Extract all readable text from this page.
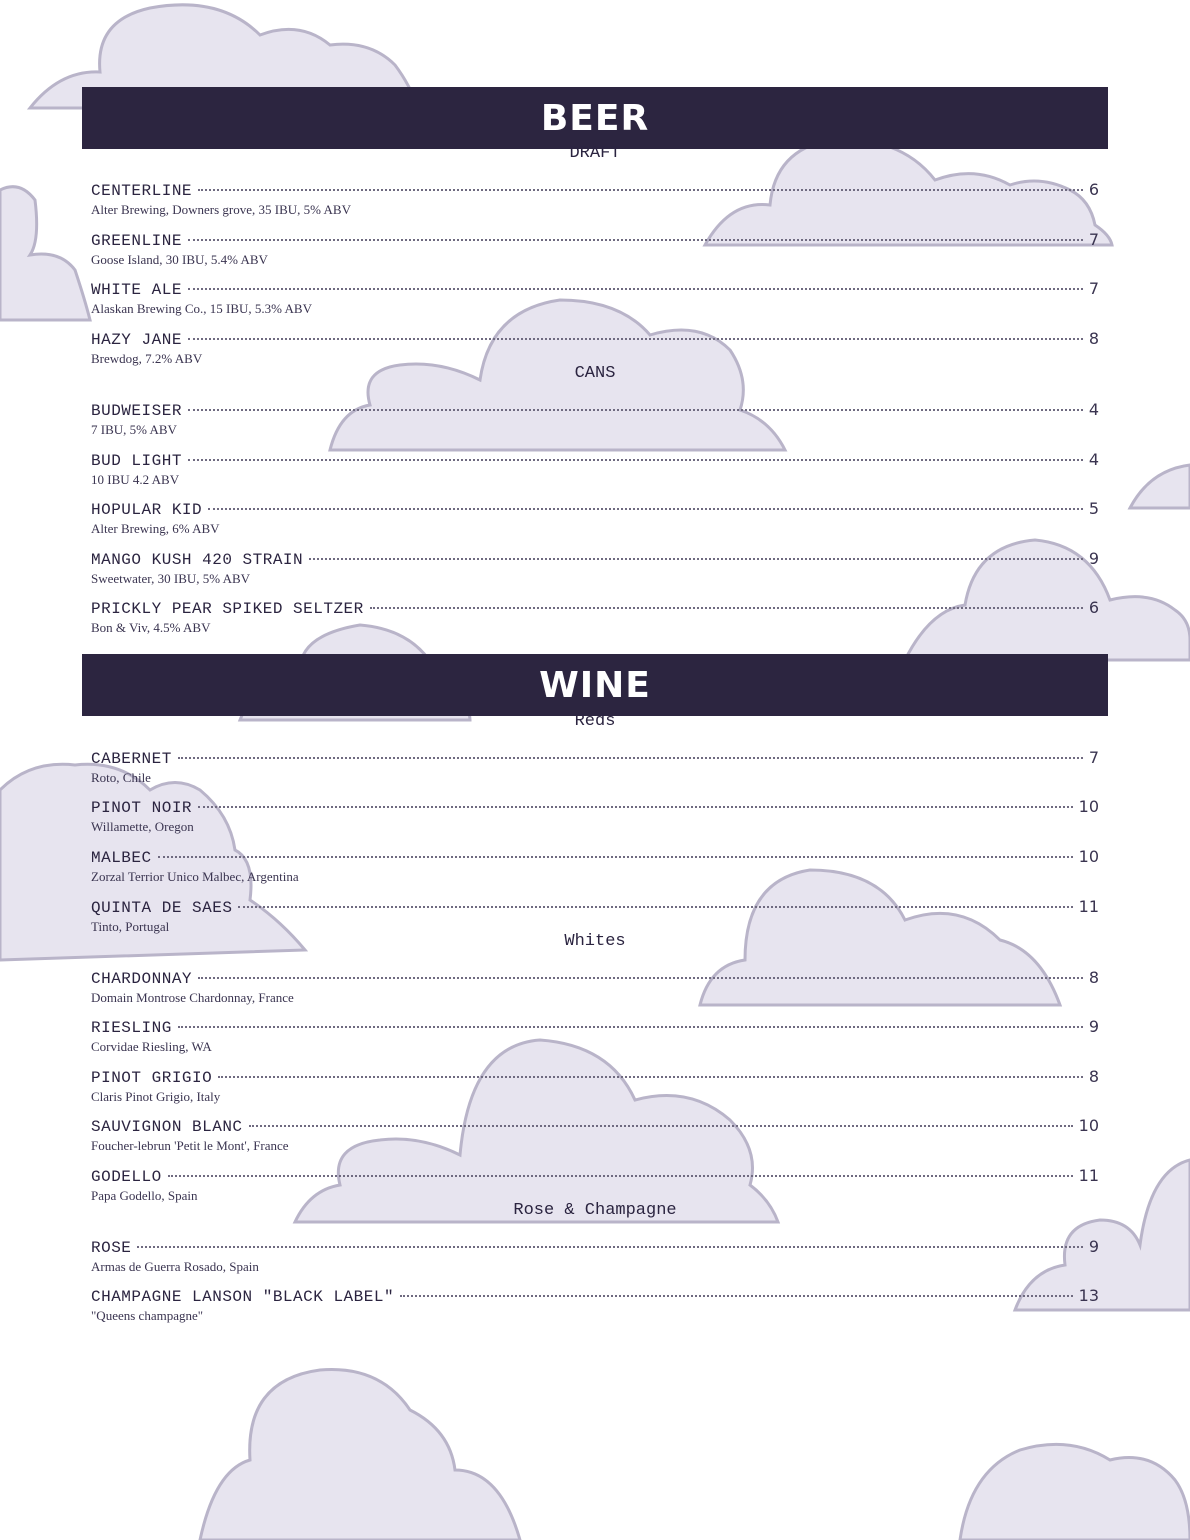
BEER
DRAFT
CENTERLINE	6
Alter Brewing, Downers grove, 35 IBU, 5% ABV
GREENLINE	7
Goose Island, 30 IBU, 5.4% ABV
WHITE ALE	7
Alaskan Brewing Co., 15 IBU, 5.3% ABV
HAZY JANE	8
Brewdog, 7.2% ABV
CANS
BUDWEISER	4
7 IBU, 5% ABV
BUD LIGHT	4
10 IBU 4.2 ABV
HOPULAR KID	5
Alter Brewing, 6% ABV
MANGO KUSH 420 STRAIN	9
Sweetwater, 30 IBU, 5% ABV
PRICKLY PEAR SPIKED SELTZER	6
Bon & Viv, 4.5% ABV
WINE
Reds
CABERNET	7
Roto, Chile
PINOT NOIR	10
Willamette, Oregon
MALBEC	10
Zorzal Terrior Unico Malbec, Argentina
QUINTA DE SAES	11
Tinto, Portugal
Whites
CHARDONNAY	8
Domain Montrose Chardonnay, France
RIESLING	9
Corvidae Riesling, WA
PINOT GRIGIO	8
Claris Pinot Grigio, Italy
SAUVIGNON BLANC	10
Foucher-lebrun 'Petit le Mont', France
GODELLO	11
Papa Godello, Spain
Rose & Champagne
ROSE	9
Armas de Guerra Rosado, Spain
CHAMPAGNE LANSON "BLACK LABEL"	13
"Queens champagne"
